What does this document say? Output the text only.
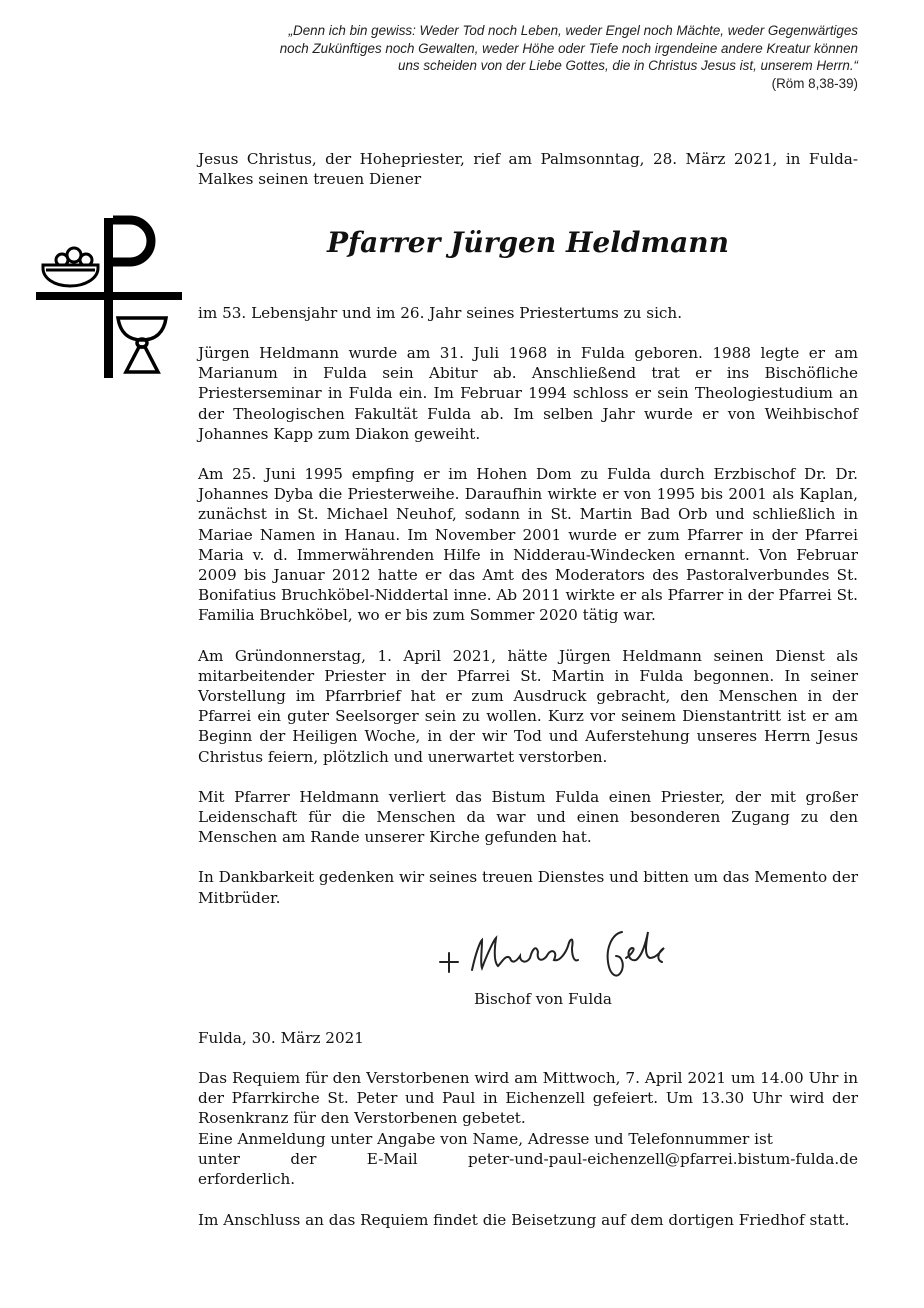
„Denn ich bin gewiss: Weder Tod noch Leben, weder Engel noch Mächte, weder Gegenwärtiges
noch Zukünftiges noch Gewalten, weder Höhe oder Tiefe noch irgendeine andere Kreatur können
uns scheiden von der Liebe Gottes, die in Christus Jesus ist, unserem Herrn.“
(Röm 8,38-39)
Jesus Christus, der Hohepriester, rief am Palmsonntag, 28. März 2021, in Fulda-Malkes seinen treuen Diener
Pfarrer Jürgen Heldmann
im 53. Lebensjahr und im 26. Jahr seines Priestertums zu sich.

Jürgen Heldmann wurde am 31. Juli 1968 in Fulda geboren. 1988 legte er am Marianum in Fulda sein Abitur ab. Anschließend trat er ins Bischöfliche Priesterseminar in Fulda ein. Im Februar 1994 schloss er sein Theologiestudium an der Theologischen Fakultät Fulda ab. Im selben Jahr wurde er von Weihbischof Johannes Kapp zum Diakon geweiht.

Am 25. Juni 1995 empfing er im Hohen Dom zu Fulda durch Erzbischof Dr. Dr. Johannes Dyba die Priesterweihe. Daraufhin wirkte er von 1995 bis 2001 als Kaplan, zunächst in St. Michael Neuhof, sodann in St. Martin Bad Orb und schließlich in Mariae Namen in Hanau. Im November 2001 wurde er zum Pfarrer in der Pfarrei Maria v. d. Immerwährenden Hilfe in Nidderau-Windecken ernannt. Von Februar 2009 bis Januar 2012 hatte er das Amt des Moderators des Pastoralverbundes St. Bonifatius Bruchköbel-Niddertal inne. Ab 2011 wirkte er als Pfarrer in der Pfarrei St. Familia Bruchköbel, wo er bis zum Sommer 2020 tätig war.

Am Gründonnerstag, 1. April 2021, hätte Jürgen Heldmann seinen Dienst als mitarbeitender Priester in der Pfarrei St. Martin in Fulda begonnen. In seiner Vorstellung im Pfarrbrief hat er zum Ausdruck gebracht, den Menschen in der Pfarrei ein guter Seelsorger sein zu wollen. Kurz vor seinem Dienstantritt ist er am Beginn der Heiligen Woche, in der wir Tod und Auferstehung unseres Herrn Jesus Christus feiern, plötzlich und unerwartet verstorben.

Mit Pfarrer Heldmann verliert das Bistum Fulda einen Priester, der mit großer Leidenschaft für die Menschen da war und einen besonderen Zugang zu den Menschen am Rande unserer Kirche gefunden hat.

In Dankbarkeit gedenken wir seines treuen Dienstes und bitten um das Memento der Mitbrüder.

Bischof von Fulda
Fulda, 30. März 2021
Das Requiem für den Verstorbenen wird am Mittwoch, 7. April 2021 um 14.00 Uhr in der Pfarrkirche St. Peter und Paul in Eichenzell gefeiert. Um 13.30 Uhr wird der Rosenkranz für den Verstorbenen gebetet.
Eine Anmeldung unter Angabe von Name, Adresse und Telefonnummer ist
unter	der	E-Mail	peter-und-paul-eichenzell@pfarrei.bistum-fulda.de
erforderlich.
Im Anschluss an das Requiem findet die Beisetzung auf dem dortigen Friedhof statt.
